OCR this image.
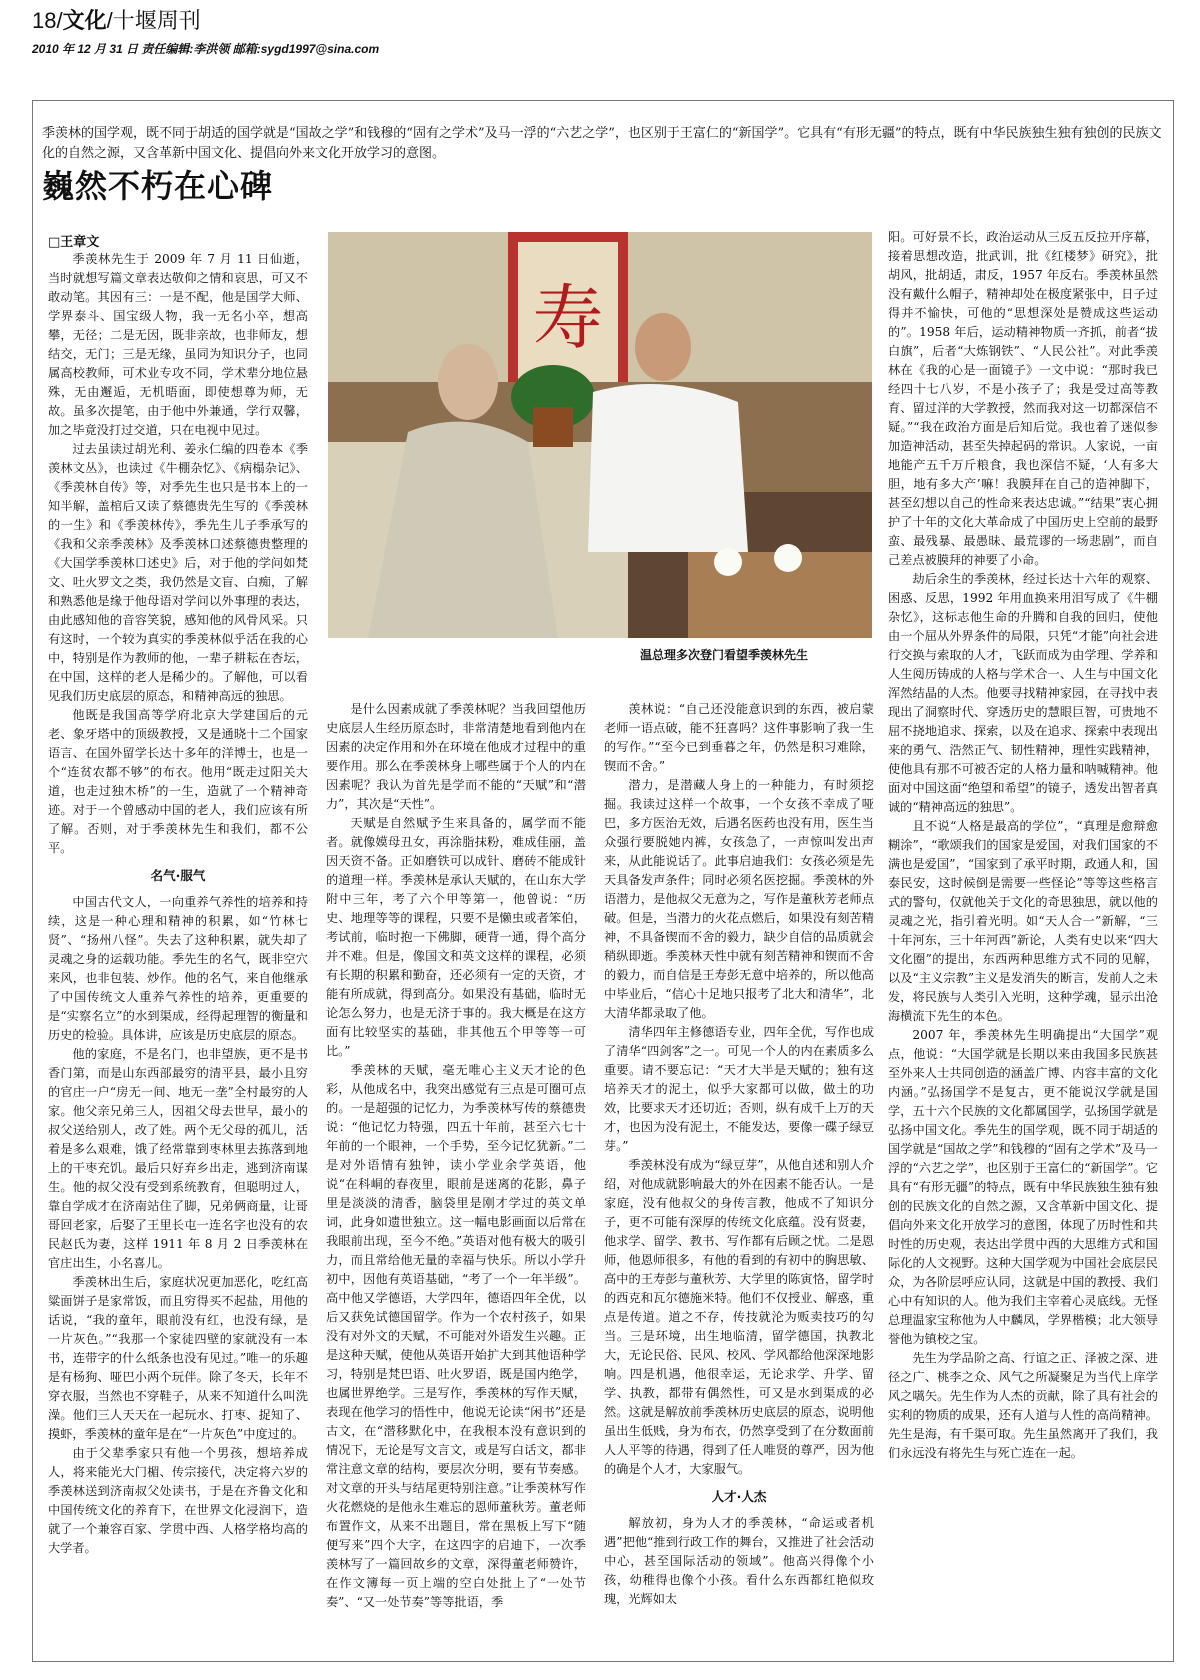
18/文化/十堰周刊
2010 年 12 月 31 日 责任编辑:李洪领 邮箱:sygd1997@sina.com
季羡林的国学观，既不同于胡适的国学就是“国故之学”和钱穆的“固有之学术”及马一浮的“六艺之学”，也区别于王富仁的“新国学”。它具有“有形无疆”的特点，既有中华民族独生独有独创的民族文化的自然之源，又含革新中国文化、提倡向外来文化开放学习的意图。
巍然不朽在心碑
□王章文

季羡林先生于 2009 年 7 月 11 日仙逝，当时就想写篇文章表达敬仰之情和哀思，可又不敢动笔。其因有三：一是不配，他是国学大师、学界泰斗、国宝级人物，我一无名小卒，想高攀，无径；二是无因，既非亲故，也非师友，想结交，无门；三是无缘，虽同为知识分子，也同属高校教师，可术业专攻不同，学术辈分地位悬殊，无由邂逅，无机晤面，即使想尊为师，无故。虽多次提笔，由于他中外兼通，学行双馨，加之毕竟没打过交道，只在电视中见过。

过去虽读过胡光利、姜永仁编的四卷本《季羡林文丛》，也读过《牛棚杂忆》、《病榻杂记》、《季羡林自传》等，对季先生也只是书本上的一知半解，盖棺后又读了蔡德贵先生写的《季羡林的一生》和《季羡林传》，季先生儿子季承写的《我和父亲季羡林》及季羡林口述蔡德贵整理的《大国学季羡林口述史》后，对于他的学问如梵文、吐火罗文之类，我仍然是文盲、白痴，了解和熟悉他是缘于他母语对学问以外事理的表达，由此感知他的音容笑貌，感知他的风骨风采。只有这时，一个较为真实的季羡林似乎活在我的心中，特别是作为教师的他，一辈子耕耘在杏坛，在中国，这样的老人是稀少的。了解他，可以看见我们历史底层的原态，和精神高远的独思。

他既是我国高等学府北京大学建国后的元老、象牙塔中的顶级教授，又是通晓十二个国家语言、在国外留学长达十多年的洋博士，也是一个“连贫农都不够”的布衣。他用“既走过阳关大道，也走过独木桥”的一生，造就了一个精神奇迹。对于一个曾感动中国的老人，我们应该有所了解。否则，对于季羡林先生和我们，都不公平。

名气·服气

中国古代文人，一向重养气养性的培养和持续，这是一种心理和精神的积累，如“竹林七贤”、“扬州八怪”。失去了这种积累，就失却了灵魂之身的运载功能。季先生的名气，既非空穴来风，也非包装、炒作。他的名气，来自他继承了中国传统文人重养气养性的培养，更重要的是“实察名立”的水到渠成，经得起理智的衡量和历史的检验。具体讲，应该是历史底层的原态。

他的家庭，不是名门，也非望族，更不是书香门第，而是山东西部最穷的清平县，最小且穷的官庄一户“房无一间、地无一垄”全村最穷的人家。他父亲兄弟三人，因祖父母去世早，最小的叔父送给别人，改了姓。两个无父母的孤儿，活着是多么艰难，饿了经常靠到枣林里去拣落到地上的干枣充饥。最后只好弃乡出走，逃到济南谋生。他的叔父没有受到系统教育，但聪明过人，靠自学成才在济南站住了脚，兄弟俩商量，让哥哥回老家，后娶了王里长屯一连名字也没有的农民赵氏为妻，这样 1911 年 8 月 2 日季羡林在官庄出生，小名喜儿。

季羡林出生后，家庭状况更加恶化，吃红高粱面饼子是家常饭，而且穷得买不起盐，用他的话说，“我的童年，眼前没有红，也没有绿，是一片灰色。”“我那一个家徒四壁的家就没有一本书，连带字的什么纸条也没有见过。”唯一的乐趣是有杨狗、哑巴小两个玩伴。除了冬天，长年不穿衣服，当然也不穿鞋子，从来不知道什么叫洗澡。他们三人天天在一起玩水、打枣、捉知了、摸虾，季羡林的童年是在“一片灰色”中度过的。

由于父辈季家只有他一个男孩，想培养成人，将来能光大门楣、传宗接代，决定将六岁的季羡林送到济南叔父处读书，于是在齐鲁文化和中国传统文化的养育下，在世界文化浸润下，造就了一个兼容百家、学贯中西、人格学格均高的大学者。

寿
温总理多次登门看望季羡林先生

是什么因素成就了季羡林呢？当我回望他历史底层人生经历原态时，非常清楚地看到他内在因素的决定作用和外在环境在他成才过程中的重要作用。那么在季羡林身上哪些属于个人的内在因素呢？我认为首先是学而不能的“天赋”和“潜力”，其次是“天性”。

天赋是自然赋予生来具备的，属学而不能者。就像嫫母丑女，再涂脂抹粉，难成佳丽，盖因天资不备。正如磨铁可以成针、磨砖不能成针的道理一样。季羡林是承认天赋的，在山东大学附中三年，考了六个甲等第一，他曾说：“历史、地理等等的课程，只要不是懒虫或者笨伯，考试前，临时抱一下佛脚，硬背一通，得个高分并不难。但是，像国文和英文这样的课程，必须有长期的积累和勤奋，还必须有一定的天资，才能有所成就，得到高分。如果没有基础，临时无论怎么努力，也是无济于事的。我大概是在这方面有比较坚实的基础，非其他五个甲等等一可比。”

季羡林的天赋，毫无唯心主义天才论的色彩，从他成名中，我突出感觉有三点是可圈可点的。一是超强的记忆力，为季羡林写传的蔡德贵说：“他记忆力特强，四五十年前，甚至六七十年前的一个眼神，一个手势，至今记忆犹新。”二是对外语情有独钟，读小学业余学英语，他说“在科峒的春夜里，眼前是迷离的花影，鼻子里是淡淡的清香，脑袋里是刚才学过的英文单词，此身如遗世独立。这一幅电影画面以后常在我眼前出现，至今不绝。”英语对他有极大的吸引力，而且常给他无量的幸福与快乐。所以小学升初中，因他有英语基础，“考了一个一年半级”。高中他又学德语，大学四年，德语四年全优，以后又获免试德国留学。作为一个农村孩子，如果没有对外文的天赋，不可能对外语发生兴趣。正是这种天赋，使他从英语开始扩大到其他语种学习，特别是梵巴语、吐火罗语，既是国内绝学，也属世界绝学。三是写作，季羡林的写作天赋，表现在他学习的悟性中，他说无论读“闲书”还是古文，在“潜移默化中，在我根本没有意识到的情况下，无论是写文言文，或是写白话文，都非常注意文章的结构，要层次分明，要有节奏感。对文章的开头与结尾更特别注意。”让季羡林写作火花燃烧的是他永生难忘的恩师董秋芳。董老师布置作文，从来不出题目，常在黑板上写下“随便写来”四个大字，在这四字的启迪下，一次季羡林写了一篇回故乡的文章，深得董老师赞许，在作文簿每一页上端的空白处批上了“一处节奏”、“又一处节奏”等等批语，季

羡林说：“自己还没能意识到的东西，被启蒙老师一语点破，能不狂喜吗？这件事影响了我一生的写作。”“至今已到垂暮之年，仍然是积习难除，锲而不舍。”

潜力，是潜藏人身上的一种能力，有时须挖掘。我读过这样一个故事，一个女孩不幸成了哑巴，多方医治无效，后遇名医药也没有用，医生当众强行要脱她内裤，女孩急了，一声惊叫发出声来，从此能说话了。此事启迪我们：女孩必须是先天具备发声条件；同时必须名医挖掘。季羡林的外语潜力，是他叔父无意为之，写作是董秋芳老师点破。但是，当潜力的火花点燃后，如果没有刻苦精神，不具备锲而不舍的毅力，缺少自信的品质就会稍纵即逝。季羡林天性中就有刻苦精神和锲而不舍的毅力，而自信是王寿彭无意中培养的，所以他高中毕业后，“信心十足地只报考了北大和清华”，北大清华都录取了他。

清华四年主修德语专业，四年全优，写作也成了清华“四剑客”之一。可见一个人的内在素质多么重要。请不要忘记：“天才大半是天赋的；独有这培养天才的泥土，似乎大家都可以做，做土的功效，比要求天才还切近；否则，纵有成千上万的天才，也因为没有泥土，不能发达，要像一碟子绿豆芽。”

季羡林没有成为“绿豆芽”，从他自述和别人介绍，对他成就影响最大的外在因素不能否认。一是家庭，没有他叔父的身传言教，他成不了知识分子，更不可能有深厚的传统文化底蕴。没有贤妻，他求学、留学、教书、写作都有后顾之忧。二是恩师，他恩师很多，有他的看到的有初中的胸思敏、高中的王寿彭与董秋芳、大学里的陈寅恪，留学时的西克和瓦尔德施米特。他们不仅授业、解惑，重点是传道。道之不存，传技就沦为贩卖技巧的勾当。三是环境，出生地临清，留学德国，执教北大，无论民俗、民风、校风、学风都给他深深地影响。四是机遇，他很幸运，无论求学、升学、留学、执教，都带有偶然性，可又是水到渠成的必然。这就是解放前季羡林历史底层的原态，说明他虽出生低贱，身为布衣，仍然享受到了在分数面前人人平等的待遇，得到了任人唯贤的尊严，因为他的确是个人才，大家服气。

人才·人杰

解放初，身为人才的季羡林，“命运或者机遇”把他“推到行政工作的舞台，又推进了社会活动中心，甚至国际活动的领域”。他高兴得像个小孩，幼稚得也像个小孩。看什么东西都红艳似玫瑰，光辉如太

阳。可好景不长，政治运动从三反五反拉开序幕，接着思想改造，批武训，批《红楼梦》研究》，批胡风，批胡适，肃反，1957 年反右。季羡林虽然没有戴什么帽子，精神却处在极度紧张中，日子过得并不愉快，可他的“思想深处是赞成这些运动的”。1958 年后，运动精神物质一齐抓，前者“拔白旗”，后者“大炼钢铁”、“人民公社”。对此季羡林在《我的心是一面镜子》一文中说：“那时我已经四十七八岁，不是小孩子了；我是受过高等教育、留过洋的大学教授，然而我对这一切都深信不疑。”“我在政治方面是后知后觉。我也着了迷似参加造神活动，甚至失掉起码的常识。人家说，一亩地能产五千万斤粮食，我也深信不疑，‘人有多大胆，地有多大产’嘛！我膜拜在自己的造神脚下，甚至幻想以自己的性命来表达忠诚。”“结果”衷心拥护了十年的文化大革命成了中国历史上空前的最野蛮、最残暴、最愚昧、最荒谬的一场悲剧”，而自己差点被膜拜的神要了小命。

劫后余生的季羡林，经过长达十六年的观察、困惑、反思，1992 年用血换来用泪写成了《牛棚杂忆》，这标志他生命的升腾和自我的回归，使他由一个屈从外界条件的局限，只凭“才能”向社会进行交换与索取的人才，飞跃而成为由学理、学养和人生阅历铸成的人格与学术合一、人生与中国文化浑然结晶的人杰。他要寻找精神家园，在寻找中表现出了洞察时代、穿透历史的慧眼巨智，可贵地不屈不挠地追求、探索，以及在追求、探索中表现出来的勇气、浩然正气、韧性精神，理性实践精神，使他具有那不可被否定的人格力量和呐喊精神。他面对中国这面“绝望和希望”的镜子，透发出智者真诚的“精神高远的独思”。

且不说“人格是最高的学位”，“真理是愈辩愈糊涂”，“歌颂我们的国家是爱国，对我们国家的不满也是爱国”，“国家到了承平时期，政通人和，国泰民安，这时候倒是需要一些怪论”等等这些格言式的警句，仅就他关于文化的奇思独思，就以他的灵魂之光，指引着光明。如“天人合一”新解，“三十年河东，三十年河西”新论，人类有史以来“四大文化圈”的提出，东西两种思维方式不同的见解，以及“主义宗教”主义是发消失的断言，发前人之未发，将民族与人类引入光明，这种学魂，显示出沧海横流下先生的本色。

2007 年，季羡林先生明确提出“大国学”观点，他说：“大国学就是长期以来由我国多民族甚至外来人士共同创造的涵盖广博、内容丰富的文化内涵。”弘扬国学不是复古，更不能说汉学就是国学，五十六个民族的文化都属国学，弘扬国学就是弘扬中国文化。季先生的国学观，既不同于胡适的国学就是“国故之学”和钱穆的“固有之学术”及马一浮的“六艺之学”，也区别于王富仁的“新国学”。它具有“有形无疆”的特点，既有中华民族独生独有独创的民族文化的自然之源，又含革新中国文化、提倡向外来文化开放学习的意图，体现了历时性和共时性的历史观，表达出学贯中西的大思维方式和国际化的人文视野。这种大国学观为中国社会底层民众，为各阶层呼应认同，这就是中国的教授、我们心中有知识的人。他为我们主宰着心灵底线。无怪总理温家宝称他为人中麟凤，学界楷模；北大领导誉他为镇校之宝。

先生为学品阶之高、行谊之正、泽被之深、进径之广、桃李之众、风气之所凝聚足为当代上庠学风之嚆矢。先生作为人杰的贡献，除了具有社会的实利的物质的成果，还有人道与人性的高尚精神。先生是海，有千渠可取。先生虽然离开了我们，我们永远没有将先生与死亡连在一起。
